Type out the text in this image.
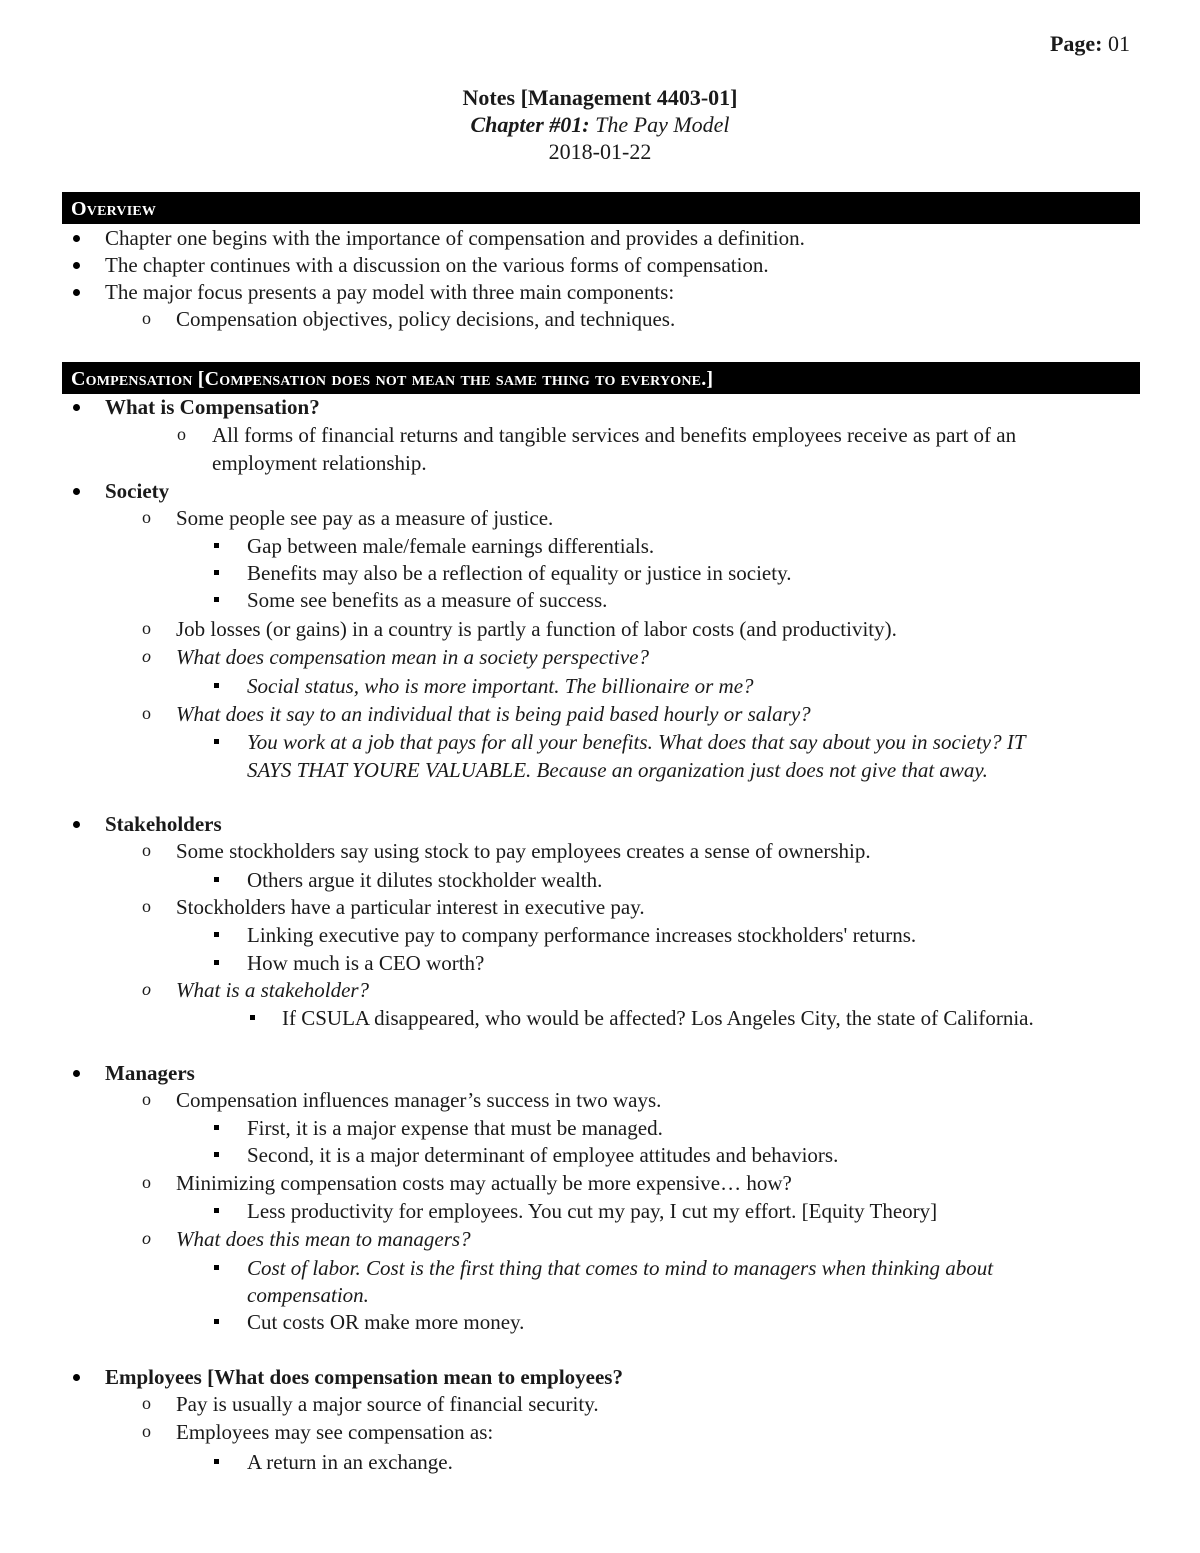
Page: 01
Notes [Management 4403-01]
Chapter #01: The Pay Model
2018-01-22
Overview
Chapter one begins with the importance of compensation and provides a definition.
The chapter continues with a discussion on the various forms of compensation.
The major focus presents a pay model with three main components:
o Compensation objectives, policy decisions, and techniques.
Compensation [Compensation does not mean the same thing to everyone.]
What is Compensation?
o All forms of financial returns and tangible services and benefits employees receive as part of an
employment relationship.
Society
o Some people see pay as a measure of justice.
Gap between male/female earnings differentials.
Benefits may also be a reflection of equality or justice in society.
Some see benefits as a measure of success.
o Job losses (or gains) in a country is partly a function of labor costs (and productivity).
o What does compensation mean in a society perspective?
Social status, who is more important. The billionaire or me?
o What does it say to an individual that is being paid based hourly or salary?
You work at a job that pays for all your benefits. What does that say about you in society? IT
SAYS THAT YOURE VALUABLE. Because an organization just does not give that away.
Stakeholders
o Some stockholders say using stock to pay employees creates a sense of ownership.
Others argue it dilutes stockholder wealth.
o Stockholders have a particular interest in executive pay.
Linking executive pay to company performance increases stockholders' returns.
How much is a CEO worth?
o What is a stakeholder?
If CSULA disappeared, who would be affected? Los Angeles City, the state of California.
Managers
o Compensation influences manager’s success in two ways.
First, it is a major expense that must be managed.
Second, it is a major determinant of employee attitudes and behaviors.
o Minimizing compensation costs may actually be more expensive… how?
Less productivity for employees. You cut my pay, I cut my effort. [Equity Theory]
o What does this mean to managers?
Cost of labor. Cost is the first thing that comes to mind to managers when thinking about
compensation.
Cut costs OR make more money.
Employees [What does compensation mean to employees?
o Pay is usually a major source of financial security.
o Employees may see compensation as:
A return in an exchange.
